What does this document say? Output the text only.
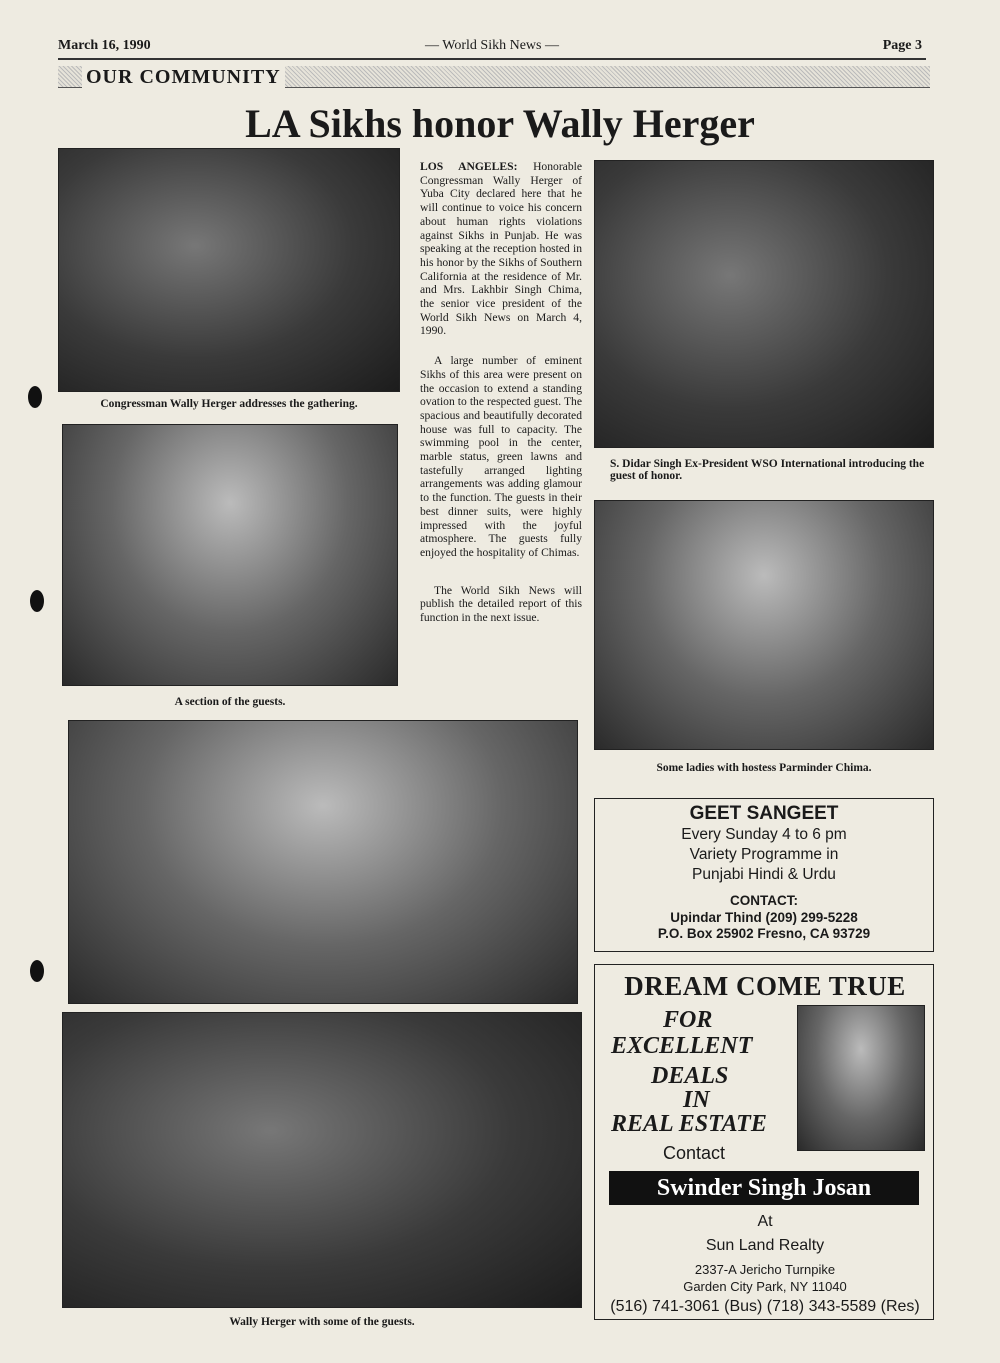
March 16, 1990	— World Sikh News —	Page 3
OUR COMMUNITY
LA Sikhs honor Wally Herger
Congressman Wally Herger addresses the gathering.
A section of the guests.

LOS ANGELES: Honorable Congressman Wally Herger of Yuba City declared here that he will continue to voice his concern about human rights violations against Sikhs in Punjab. He was speaking at the reception hosted in his honor by the Sikhs of Southern California at the residence of Mr. and Mrs. Lakhbir Singh Chima, the senior vice president of the World Sikh News on March 4, 1990.

A large number of eminent Sikhs of this area were present on the occasion to extend a standing ovation to the respected guest. The spacious and beautifully decorated house was full to capacity. The swimming pool in the center, marble status, green lawns and tastefully arranged lighting arrangements was adding glamour to the function. The guests in their best dinner suits, were highly impressed with the joyful atmosphere. The guests fully enjoyed the hospitality of Chimas.

The World Sikh News will publish the detailed report of this function in the next issue.

S. Didar Singh Ex-President WSO International introducing the guest of honor.
Some ladies with hostess Parminder Chima.
Wally Herger with some of the guests.
GEET SANGEET
Every Sunday 4 to 6 pm
Variety Programme in
Punjabi Hindi & Urdu
CONTACT:
Upindar Thind (209) 299-5228
P.O. Box 25902 Fresno, CA 93729
DREAM COME TRUE
FOR
EXCELLENT
DEALS
IN
REAL ESTATE
Contact
Swinder Singh Josan
At
Sun Land Realty
2337-A Jericho Turnpike
Garden City Park, NY 11040
(516) 741-3061 (Bus) (718) 343-5589 (Res)
